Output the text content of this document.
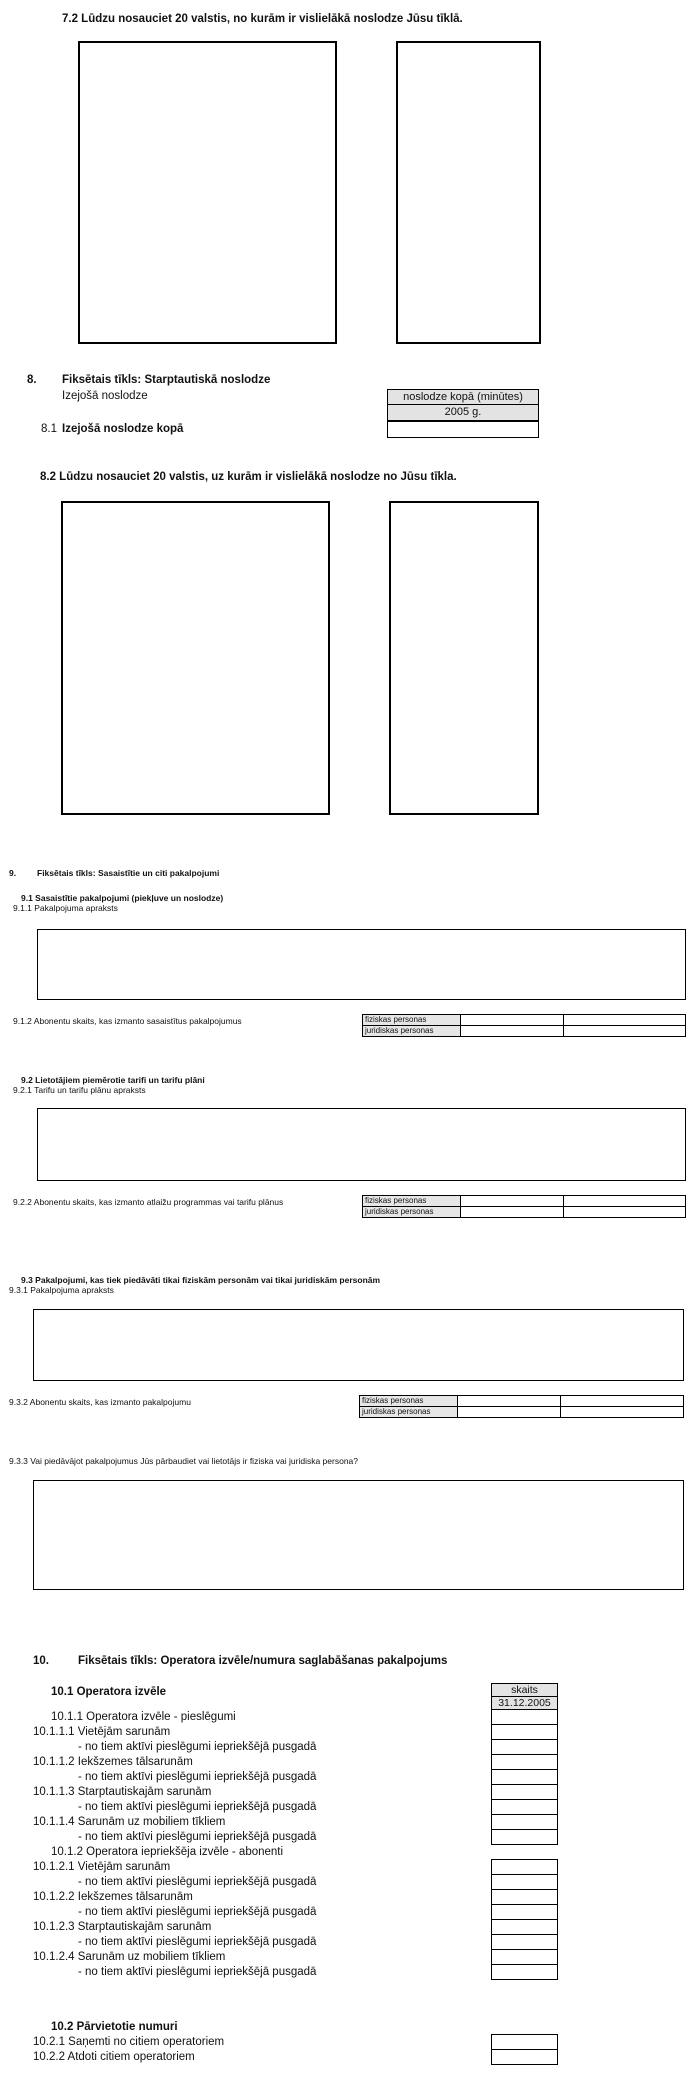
7.2 Lūdzu nosauciet 20 valstis, no kurām ir vislielākā noslodze Jūsu tīklā.
8. Fiksētais tīkls: Starptautiskā noslodze
Izejošā noslodze	noslodze kopā (minūtes)
2005 g.
8.1 Izejošā noslodze kopā
8.2 Lūdzu nosauciet 20 valstis, uz kurām ir vislielākā noslodze no Jūsu tīkla.
9. Fiksētais tīkls: Sasaistītie un citi pakalpojumi
9.1 Sasaistītie pakalpojumi (piekļuve un noslodze)
9.1.1 Pakalpojuma apraksts
9.1.2 Abonentu skaits, kas izmanto sasaistītus pakalpojumus	fiziskas personas
juridiskas personas
9.2 Lietotājiem piemērotie tarifi un tarifu plāni
9.2.1 Tarifu un tarifu plānu apraksts
9.2.2 Abonentu skaits, kas izmanto atlaižu programmas vai tarifu plānus	fiziskas personas
juridiskas personas
9.3 Pakalpojumi, kas tiek piedāvāti tikai fiziskām personām vai tikai juridiskām personām
9.3.1 Pakalpojuma apraksts
9.3.2 Abonentu skaits, kas izmanto pakalpojumu	fiziskas personas
juridiskas personas
9.3.3 Vai piedāvājot pakalpojumus Jūs pārbaudiet vai lietotājs ir fiziska vai juridiska persona?
10.	Fiksētais tīkls: Operatora izvēle/numura saglabāšanas pakalpojums
10.1 Operatora izvēle	skaits
31.12.2005
10.1.1 Operatora izvēle - pieslēgumi
10.1.1.1 Vietējām sarunām
- no tiem aktīvi pieslēgumi iepriekšējā pusgadā
10.1.1.2 Iekšzemes tālsarunām
- no tiem aktīvi pieslēgumi iepriekšējā pusgadā
10.1.1.3 Starptautiskajām sarunām
- no tiem aktīvi pieslēgumi iepriekšējā pusgadā
10.1.1.4 Sarunām uz mobiliem tīkliem
- no tiem aktīvi pieslēgumi iepriekšējā pusgadā
10.1.2 Operatora iepriekšēja izvēle - abonenti
10.1.2.1 Vietējām sarunām
- no tiem aktīvi pieslēgumi iepriekšējā pusgadā
10.1.2.2 Iekšzemes tālsarunām
- no tiem aktīvi pieslēgumi iepriekšējā pusgadā
10.1.2.3 Starptautiskajām sarunām
- no tiem aktīvi pieslēgumi iepriekšējā pusgadā
10.1.2.4 Sarunām uz mobiliem tīkliem
- no tiem aktīvi pieslēgumi iepriekšējā pusgadā
10.2 Pārvietotie numuri
10.2.1 Saņemti no citiem operatoriem
10.2.2 Atdoti citiem operatoriem
